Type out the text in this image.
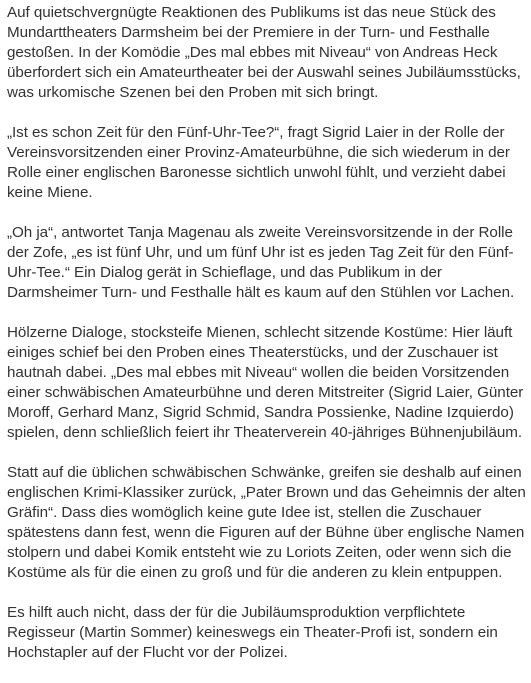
Auf quietschvergnügte Reaktionen des Publikums ist das neue Stück des Mundarttheaters Darmsheim bei der Premiere in der Turn- und Festhalle gestoßen. In der Komödie „Des mal ebbes mit Niveau“ von Andreas Heck überfordert sich ein Amateurtheater bei der Auswahl seines Jubiläumsstücks, was urkomische Szenen bei den Proben mit sich bringt.

„Ist es schon Zeit für den Fünf-Uhr-Tee?“, fragt Sigrid Laier in der Rolle der Vereinsvorsitzenden einer Provinz-Amateurbühne, die sich wiederum in der Rolle einer englischen Baronesse sichtlich unwohl fühlt, und verzieht dabei keine Miene.

„Oh ja“, antwortet Tanja Magenau als zweite Vereinsvorsitzende in der Rolle der Zofe, „es ist fünf Uhr, und um fünf Uhr ist es jeden Tag Zeit für den Fünf-Uhr-Tee.“ Ein Dialog gerät in Schieflage, und das Publikum in der Darmsheimer Turn- und Festhalle hält es kaum auf den Stühlen vor Lachen.

Hölzerne Dialoge, stocksteife Mienen, schlecht sitzende Kostüme: Hier läuft einiges schief bei den Proben eines Theaterstücks, und der Zuschauer ist hautnah dabei. „Des mal ebbes mit Niveau“ wollen die beiden Vorsitzenden einer schwäbischen Amateurbühne und deren Mitstreiter (Sigrid Laier, Günter Moroff, Gerhard Manz, Sigrid Schmid, Sandra Possienke, Nadine Izquierdo) spielen, denn schließlich feiert ihr Theaterverein 40-jähriges Bühnenjubiläum.

Statt auf die üblichen schwäbischen Schwänke, greifen sie deshalb auf einen englischen Krimi-Klassiker zurück, „Pater Brown und das Geheimnis der alten Gräfin“. Dass dies womöglich keine gute Idee ist, stellen die Zuschauer spätestens dann fest, wenn die Figuren auf der Bühne über englische Namen stolpern und dabei Komik entsteht wie zu Loriots Zeiten, oder wenn sich die Kostüme als für die einen zu groß und für die anderen zu klein entpuppen.

Es hilft auch nicht, dass der für die Jubiläumsproduktion verpflichtete Regisseur (Martin Sommer) keineswegs ein Theater-Profi ist, sondern ein Hochstapler auf der Flucht vor der Polizei.
